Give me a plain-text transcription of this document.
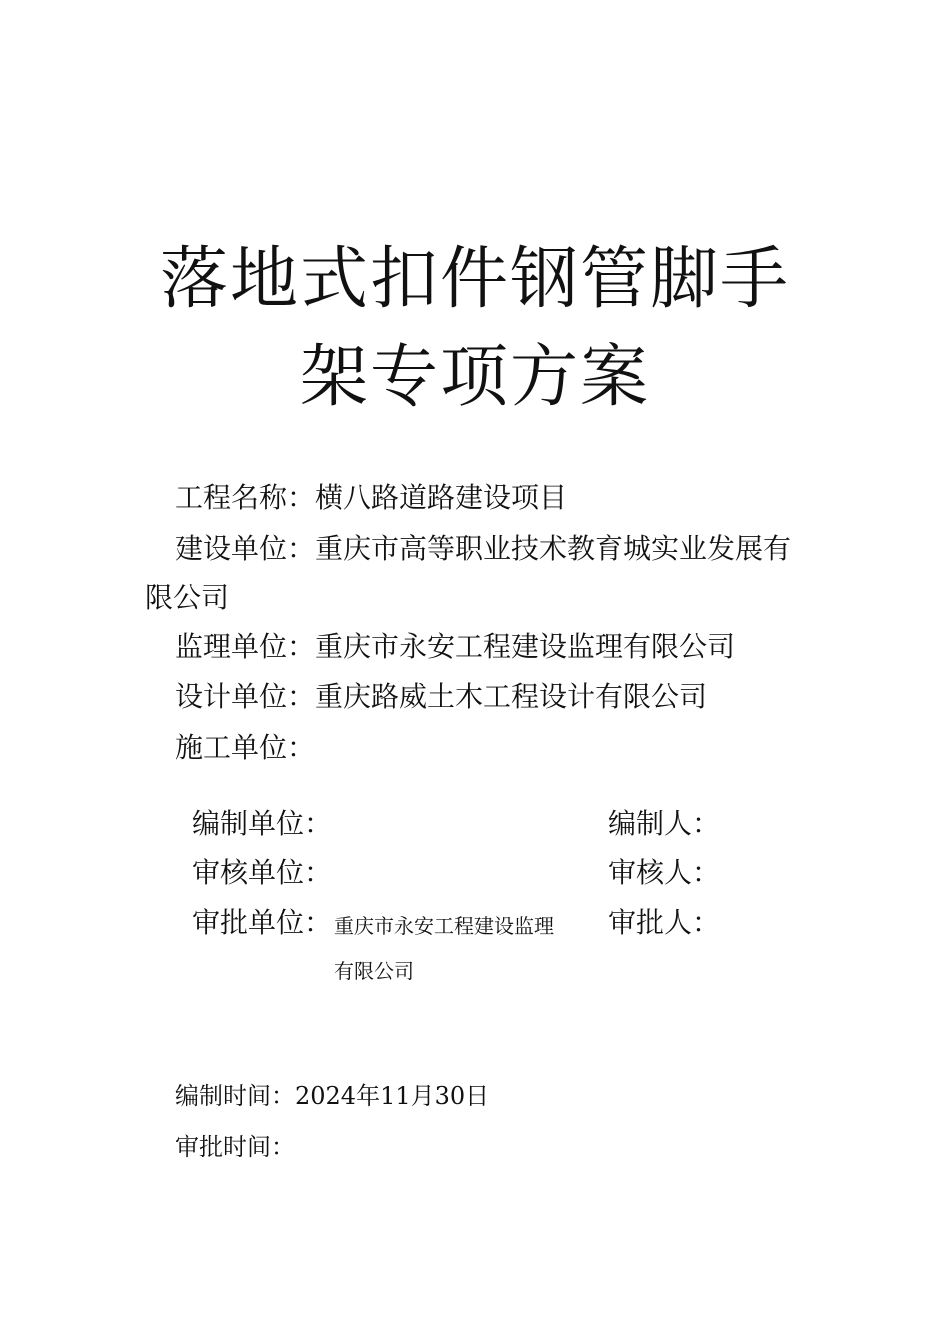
落地式扣件钢管脚手
架专项方案
工程名称：横八路道路建设项目
建设单位：重庆市高等职业技术教育城实业发展有
限公司
监理单位：重庆市永安工程建设监理有限公司
设计单位：重庆路威土木工程设计有限公司
施工单位：
编制单位：	编制人：
审核单位：	审核人：
审批单位： 重庆市永安工程建设监理
有限公司
审批人：
编制时间：2024年11月30日
审批时间：
